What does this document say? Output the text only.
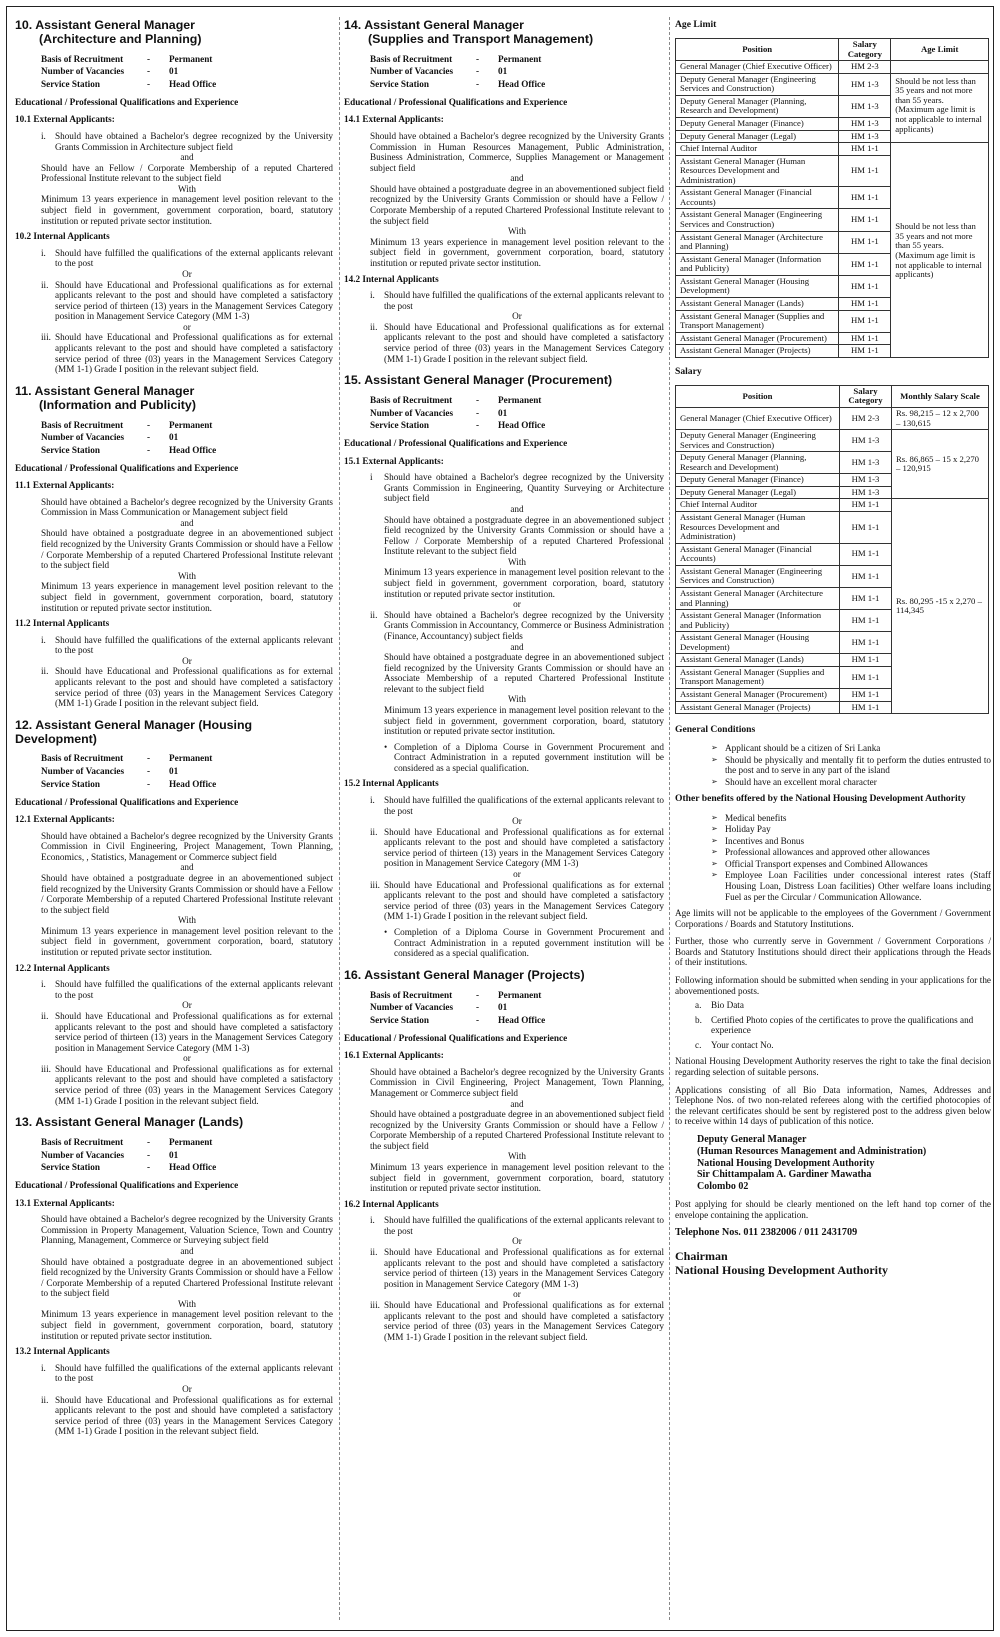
10. Assistant General Manager
(Architecture and Planning)
Basis of Recruitment	-	Permanent
Number of Vacancies	-	01
Service Station	-	Head Office
Educational / Professional Qualifications and Experience
10.1 External Applicants:
i. Should have obtained a Bachelor's degree recognized by the University Grants Commission in Architecture subject field
and
Should have an Fellow / Corporate Membership of a reputed Chartered Professional Institute relevant to the subject field
With
Minimum 13 years experience in management level position relevant to the subject field in government, government corporation, board, statutory institution or reputed private sector institution.
10.2 Internal Applicants
i. Should have fulfilled the qualifications of the external applicants relevant to the post
Or
ii. Should have Educational and Professional qualifications as for external applicants relevant to the post and should have completed a satisfactory service period of thirteen (13) years in the Management Services Category position in Management Service Category (MM 1-3)
or
iii. Should have Educational and Professional qualifications as for external applicants relevant to the post and should have completed a satisfactory service period of three (03) years in the Management Services Category (MM 1-1) Grade I position in the relevant subject field.
11. Assistant General Manager
(Information and Publicity)
Basis of Recruitment	-	Permanent
Number of Vacancies	-	01
Service Station	-	Head Office
Educational / Professional Qualifications and Experience
11.1 External Applicants:
Should have obtained a Bachelor's degree recognized by the University Grants Commission in Mass Communication or Management subject field
and
Should have obtained a postgraduate degree in an abovementioned subject field recognized by the University Grants Commission or should have a Fellow / Corporate Membership of a reputed Chartered Professional Institute relevant to the subject field
With
Minimum 13 years experience in management level position relevant to the subject field in government, government corporation, board, statutory institution or reputed private sector institution.
11.2 Internal Applicants
i. Should have fulfilled the qualifications of the external applicants relevant to the post
Or
ii. Should have Educational and Professional qualifications as for external applicants relevant to the post and should have completed a satisfactory service period of three (03) years in the Management Services Category (MM 1-1) Grade I position in the relevant subject field.
12. Assistant General Manager (Housing Development)
Basis of Recruitment	-	Permanent
Number of Vacancies	-	01
Service Station	-	Head Office
Educational / Professional Qualifications and Experience
12.1 External Applicants:
Should have obtained a Bachelor's degree recognized by the University Grants Commission in Civil Engineering, Project Management, Town Planning, Economics, , Statistics, Management or Commerce subject field
and
Should have obtained a postgraduate degree in an abovementioned subject field recognized by the University Grants Commission or should have a Fellow / Corporate Membership of a reputed Chartered Professional Institute relevant to the subject field
With
Minimum 13 years experience in management level position relevant to the subject field in government, government corporation, board, statutory institution or reputed private sector institution.
12.2 Internal Applicants
i. Should have fulfilled the qualifications of the external applicants relevant to the post
Or
ii. Should have Educational and Professional qualifications as for external applicants relevant to the post and should have completed a satisfactory service period of thirteen (13) years in the Management Services Category position in Management Service Category (MM 1-3)
or
iii. Should have Educational and Professional qualifications as for external applicants relevant to the post and should have completed a satisfactory service period of three (03) years in the Management Services Category (MM 1-1) Grade I position in the relevant subject field.
13. Assistant General Manager (Lands)
Basis of Recruitment	-	Permanent
Number of Vacancies	-	01
Service Station	-	Head Office
Educational / Professional Qualifications and Experience
13.1 External Applicants:
Should have obtained a Bachelor's degree recognized by the University Grants Commission in Property Management, Valuation Science, Town and Country Planning, Management, Commerce or Surveying subject field
and
Should have obtained a postgraduate degree in an abovementioned subject field recognized by the University Grants Commission or should have a Fellow / Corporate Membership of a reputed Chartered Professional Institute relevant to the subject field
With
Minimum 13 years experience in management level position relevant to the subject field in government, government corporation, board, statutory institution or reputed private sector institution.
13.2 Internal Applicants
i. Should have fulfilled the qualifications of the external applicants relevant to the post
Or
ii. Should have Educational and Professional qualifications as for external applicants relevant to the post and should have completed a satisfactory service period of three (03) years in the Management Services Category (MM 1-1) Grade I position in the relevant subject field.
14. Assistant General Manager
(Supplies and Transport Management)
Basis of Recruitment	-	Permanent
Number of Vacancies	-	01
Service Station	-	Head Office
Educational / Professional Qualifications and Experience
14.1 External Applicants:
Should have obtained a Bachelor's degree recognized by the University Grants Commission in Human Resources Management, Public Administration, Business Administration, Commerce, Supplies Management or Management subject field
and
Should have obtained a postgraduate degree in an abovementioned subject field recognized by the University Grants Commission or should have a Fellow / Corporate Membership of a reputed Chartered Professional Institute relevant to the subject field
With
Minimum 13 years experience in management level position relevant to the subject field in government, government corporation, board, statutory institution or reputed private sector institution.
14.2 Internal Applicants
i. Should have fulfilled the qualifications of the external applicants relevant to the post
Or
ii. Should have Educational and Professional qualifications as for external applicants relevant to the post and should have completed a satisfactory service period of three (03) years in the Management Services Category (MM 1-1) Grade I position in the relevant subject field.
15. Assistant General Manager (Procurement)
Basis of Recruitment	-	Permanent
Number of Vacancies	-	01
Service Station	-	Head Office
Educational / Professional Qualifications and Experience
15.1 External Applicants:
i	Should have obtained a Bachelor's degree recognized by the University Grants Commission in Engineering, Quantity Surveying or Architecture subject field
and
Should have obtained a postgraduate degree in an abovementioned subject field recognized by the University Grants Commission or should have a Fellow / Corporate Membership of a reputed Chartered Professional Institute relevant to the subject field
With
Minimum 13 years experience in management level position relevant to the subject field in government, government corporation, board, statutory institution or reputed private sector institution.
or
ii. Should have obtained a Bachelor's degree recognized by the University Grants Commission in Accountancy, Commerce or Business Administration (Finance, Accountancy) subject fields
and
Should have obtained a postgraduate degree in an abovementioned subject field recognized by the University Grants Commission or should have an Associate Membership of a reputed Chartered Professional Institute relevant to the subject field
With
Minimum 13 years experience in management level position relevant to the subject field in government, government corporation, board, statutory institution or reputed private sector institution.
• Completion of a Diploma Course in Government Procurement and Contract Administration in a reputed government institution will be considered as a special qualification.
15.2 Internal Applicants
i. Should have fulfilled the qualifications of the external applicants relevant to the post
Or
ii. Should have Educational and Professional qualifications as for external applicants relevant to the post and should have completed a satisfactory service period of thirteen (13) years in the Management Services Category position in Management Service Category (MM 1-3)
or
iii. Should have Educational and Professional qualifications as for external applicants relevant to the post and should have completed a satisfactory service period of three (03) years in the Management Services Category (MM 1-1) Grade I position in the relevant subject field.
• Completion of a Diploma Course in Government Procurement and Contract Administration in a reputed government institution will be considered as a special qualification.
16. Assistant General Manager (Projects)
Basis of Recruitment	-	Permanent
Number of Vacancies	-	01
Service Station	-	Head Office
Educational / Professional Qualifications and Experience
16.1 External Applicants:
Should have obtained a Bachelor's degree recognized by the University Grants Commission in Civil Engineering, Project Management, Town Planning, Management or Commerce subject field
and
Should have obtained a postgraduate degree in an abovementioned subject field recognized by the University Grants Commission or should have a Fellow / Corporate Membership of a reputed Chartered Professional Institute relevant to the subject field
With
Minimum 13 years experience in management level position relevant to the subject field in government, government corporation, board, statutory institution or reputed private sector institution.
16.2 Internal Applicants
i. Should have fulfilled the qualifications of the external applicants relevant to the post
Or
ii. Should have Educational and Professional qualifications as for external applicants relevant to the post and should have completed a satisfactory service period of thirteen (13) years in the Management Services Category position in Management Service Category (MM 1-3)
or
iii. Should have Educational and Professional qualifications as for external applicants relevant to the post and should have completed a satisfactory service period of three (03) years in the Management Services Category (MM 1-1) Grade I position in the relevant subject field.
Age Limit
Position	Salary Category	Age Limit
General Manager (Chief Executive Officer)	HM 2-3	
Deputy General Manager (Engineering Services and Construction)	HM 1-3	Should be not less than 35 years and not more than 55 years. (Maximum age limit is not applicable to internal applicants)
Deputy General Manager (Planning, Research and Development)	HM 1-3	
Deputy General Manager (Finance)	HM 1-3	
Deputy General Manager (Legal)	HM 1-3	
Chief Internal Auditor	HM 1-1	Should be not less than 35 years and not more than 55 years. (Maximum age limit is not applicable to internal applicants)
Assistant General Manager (Human Resources Development and Administration)	HM 1-1	
Assistant General Manager (Financial Accounts)	HM 1-1	
Assistant General Manager (Engineering Services and Construction)	HM 1-1	
Assistant General Manager (Architecture and Planning)	HM 1-1	
Assistant General Manager (Information and Publicity)	HM 1-1	
Assistant General Manager (Housing Development)	HM 1-1	
Assistant General Manager (Lands)	HM 1-1	
Assistant General Manager (Supplies and Transport Management)	HM 1-1	
Assistant General Manager (Procurement)	HM 1-1	
Assistant General Manager (Projects)	HM 1-1	
Salary
Position	Salary Category	Monthly Salary Scale
General Manager (Chief Executive Officer)	HM 2-3	Rs. 98,215 – 12 x 2,700 – 130,615
Deputy General Manager (Engineering Services and Construction)	HM 1-3	Rs. 86,865 – 15 x 2,270 – 120,915
Deputy General Manager (Planning, Research and Development)	HM 1-3	
Deputy General Manager (Finance)	HM 1-3	
Deputy General Manager (Legal)	HM 1-3	
Chief Internal Auditor	HM 1-1	Rs. 80,295 -15 x 2,270 – 114,345
Assistant General Manager (Human Resources Development and Administration)	HM 1-1	
Assistant General Manager (Financial Accounts)	HM 1-1	
Assistant General Manager (Engineering Services and Construction)	HM 1-1	
Assistant General Manager (Architecture and Planning)	HM 1-1	
Assistant General Manager (Information and Publicity)	HM 1-1	
Assistant General Manager (Housing Development)	HM 1-1	
Assistant General Manager (Lands)	HM 1-1	
Assistant General Manager (Supplies and Transport Management)	HM 1-1	
Assistant General Manager (Procurement)	HM 1-1	
Assistant General Manager (Projects)	HM 1-1	
General Conditions
➢ Applicant should be a citizen of Sri Lanka
➢ Should be physically and mentally fit to perform the duties entrusted to the post and to serve in any part of the island
➢ Should have an excellent moral character
Other benefits offered by the National Housing Development Authority
➢ Medical benefits
➢ Holiday Pay
➢ Incentives and Bonus
➢ Professional allowances and approved other allowances
➢ Official Transport expenses and Combined Allowances
➢ Employee Loan Facilities under concessional interest rates (Staff Housing Loan, Distress Loan facilities) Other welfare loans including Fuel as per the Circular / Communication Allowance.
Age limits will not be applicable to the employees of the Government / Government Corporations / Boards and Statutory Institutions.
Further, those who currently serve in Government / Government Corporations / Boards and Statutory Institutions should direct their applications through the Heads of their institutions.
Following information should be submitted when sending in your applications for the abovementioned posts.
a.	Bio Data
b. Certified Photo copies of the certificates to prove the qualifications and experience
c.	Your contact No.
National Housing Development Authority reserves the right to take the final decision regarding selection of suitable persons.
Applications consisting of all Bio Data information, Names, Addresses and Telephone Nos. of two non-related referees along with the certified photocopies of the relevant certificates should be sent by registered post to the address given below to receive within 14 days of publication of this notice.
Deputy General Manager
(Human Resources Management and Administration)
National Housing Development Authority
Sir Chittampalam A. Gardiner Mawatha
Colombo 02
Post applying for should be clearly mentioned on the left hand top corner of the envelope containing the application.
Telephone Nos. 011 2382006 / 011 2431709
Chairman
National Housing Development Authority
